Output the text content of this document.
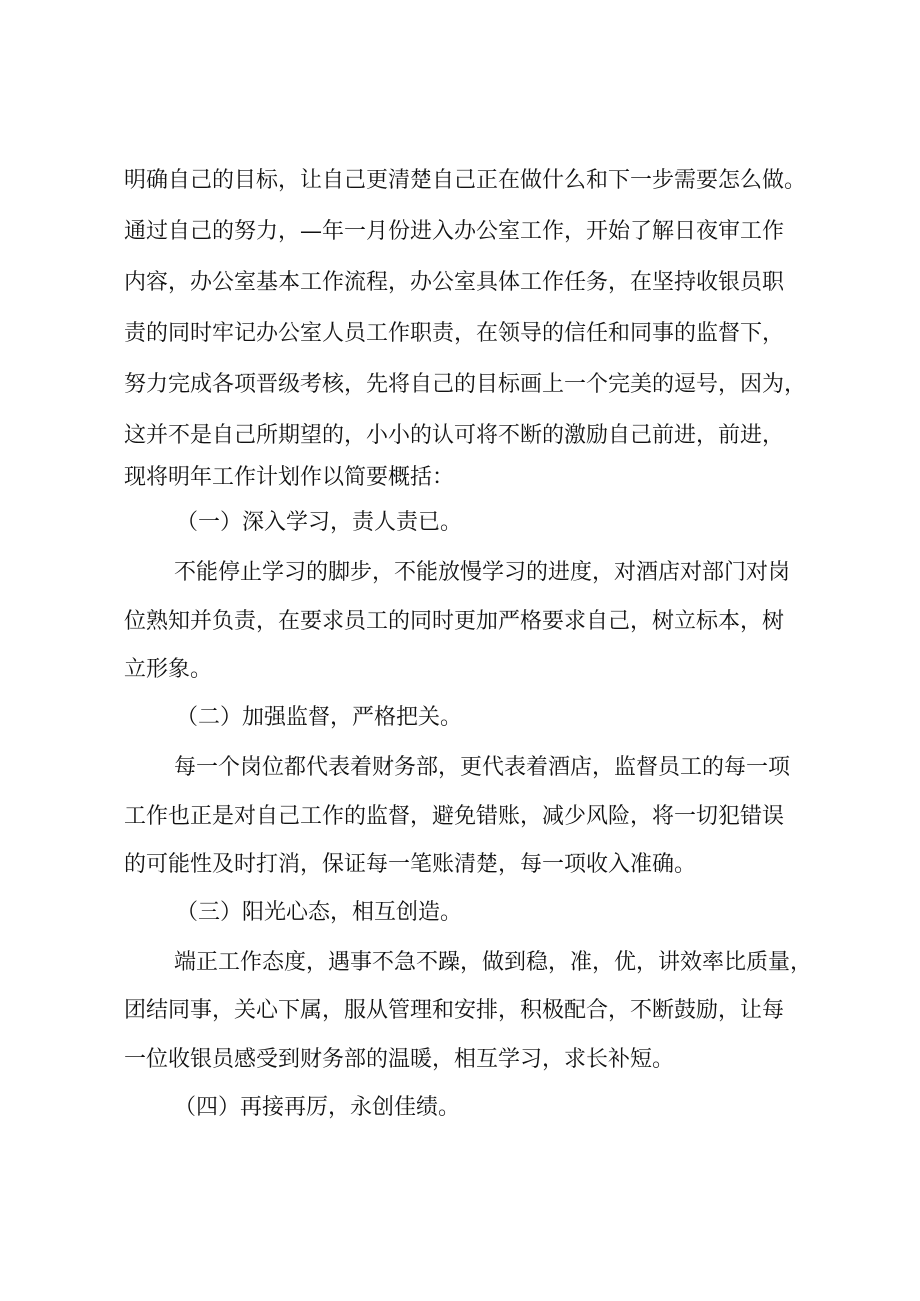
明确自己的目标，让自己更清楚自己正在做什么和下一步需要怎么做。
通过自己的努力，—年一月份进入办公室工作，开始了解日夜审工作
内容，办公室基本工作流程，办公室具体工作任务，在坚持收银员职
责的同时牢记办公室人员工作职责，在领导的信任和同事的监督下，
努力完成各项晋级考核，先将自己的目标画上一个完美的逗号，因为，
这并不是自己所期望的，小小的认可将不断的激励自己前进，前进，
现将明年工作计划作以简要概括：
（一）深入学习，责人责已。
不能停止学习的脚步，不能放慢学习的进度，对酒店对部门对岗
位熟知并负责，在要求员工的同时更加严格要求自己，树立标本，树
立形象。
（二）加强监督，严格把关。
每一个岗位都代表着财务部，更代表着酒店，监督员工的每一项
工作也正是对自己工作的监督，避免错账，减少风险，将一切犯错误
的可能性及时打消，保证每一笔账清楚，每一项收入准确。
（三）阳光心态，相互创造。
端正工作态度，遇事不急不躁，做到稳，准，优，讲效率比质量，
团结同事，关心下属，服从管理和安排，积极配合，不断鼓励，让每
一位收银员感受到财务部的温暖，相互学习，求长补短。
（四）再接再厉，永创佳绩。
